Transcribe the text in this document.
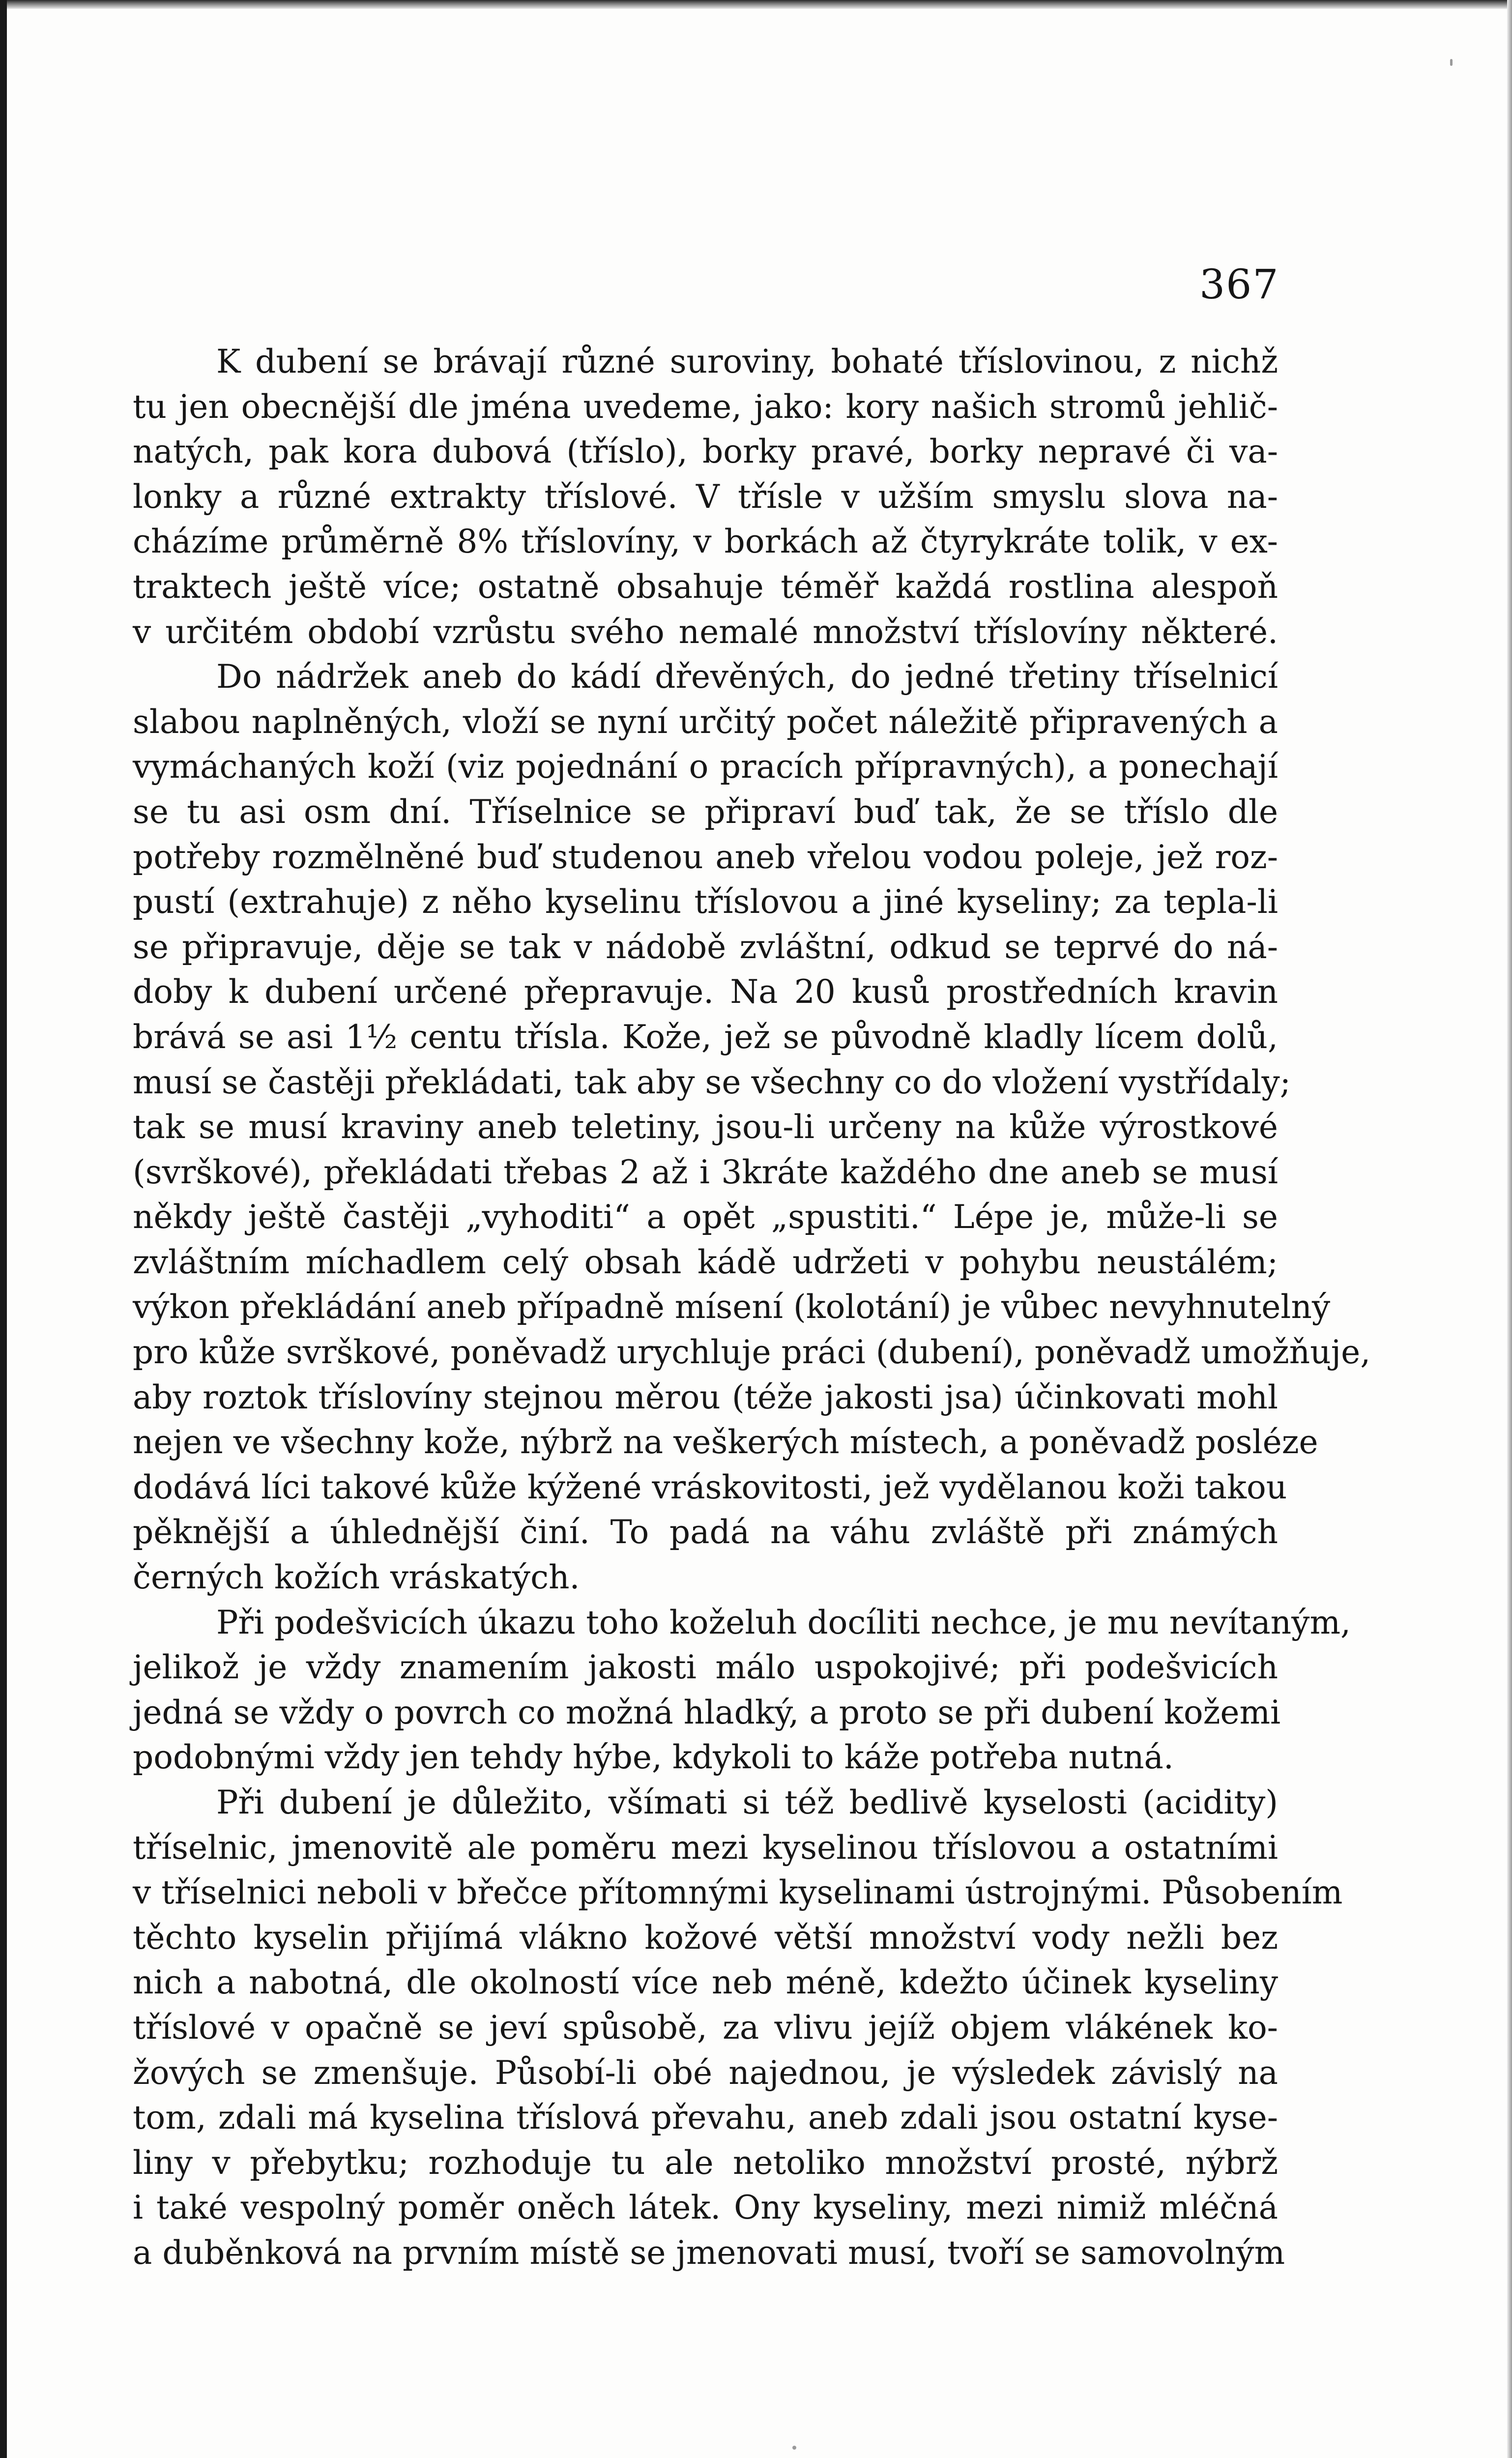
367
K dubení se brávají různé suroviny, bohaté tříslovinou, z nichž
tu jen obecnější dle jména uvedeme, jako: kory našich stromů jehlič-
natých, pak kora dubová (tříslo), borky pravé, borky nepravé či va-
lonky a různé extrakty tříslové. V třísle v užším smyslu slova na-
cházíme průměrně 8% tříslovíny, v borkách až čtyrykráte tolik, v ex-
traktech ještě více; ostatně obsahuje téměř každá rostlina alespoň
v určitém období vzrůstu svého nemalé množství tříslovíny některé.
Do nádržek aneb do kádí dřevěných, do jedné třetiny tříselnicí
slabou naplněných, vloží se nyní určitý počet náležitě připravených a
vymáchaných koží (viz pojednání o pracích přípravných), a ponechají
se tu asi osm dní. Tříselnice se připraví buď tak, že se tříslo dle
potřeby rozmělněné buď studenou aneb vřelou vodou poleje, jež roz-
pustí (extrahuje) z něho kyselinu tříslovou a jiné kyseliny; za tepla-li
se připravuje, děje se tak v nádobě zvláštní, odkud se teprvé do ná-
doby k dubení určené přepravuje. Na 20 kusů prostředních kravin
brává se asi 1½ centu třísla. Kože, jež se původně kladly lícem dolů,
musí se častěji překládati, tak aby se všechny co do vložení vystřídaly;
tak se musí kraviny aneb teletiny, jsou-li určeny na kůže výrostkové
(svrškové), překládati třebas 2 až i 3kráte každého dne aneb se musí
někdy ještě častěji „vyhoditi“ a opět „spustiti.“ Lépe je, může-li se
zvláštním míchadlem celý obsah kádě udržeti v pohybu neustálém;
výkon překládání aneb případně mísení (kolotání) je vůbec nevyhnutelný
pro kůže svrškové, poněvadž urychluje práci (dubení), poněvadž umožňuje,
aby roztok tříslovíny stejnou měrou (téže jakosti jsa) účinkovati mohl
nejen ve všechny kože, nýbrž na veškerých místech, a poněvadž posléze
dodává líci takové kůže kýžené vráskovitosti, jež vydělanou koži takou
pěknější a úhlednější činí. To padá na váhu zvláště při známých
černých kožích vráskatých.
Při podešvicích úkazu toho koželuh docíliti nechce, je mu nevítaným,
jelikož je vždy znamením jakosti málo uspokojivé; při podešvicích
jedná se vždy o povrch co možná hladký, a proto se při dubení kožemi
podobnými vždy jen tehdy hýbe, kdykoli to káže potřeba nutná.
Při dubení je důležito, všímati si též bedlivě kyselosti (acidity)
tříselnic, jmenovitě ale poměru mezi kyselinou tříslovou a ostatními
v tříselnici neboli v břečce přítomnými kyselinami ústrojnými. Působením
těchto kyselin přijímá vlákno kožové větší množství vody nežli bez
nich a nabotná, dle okolností více neb méně, kdežto účinek kyseliny
tříslové v opačně se jeví spůsobě, za vlivu jejíž objem vlákének ko-
žových se zmenšuje. Působí-li obé najednou, je výsledek závislý na
tom, zdali má kyselina tříslová převahu, aneb zdali jsou ostatní kyse-
liny v přebytku; rozhoduje tu ale netoliko množství prosté, nýbrž
i také vespolný poměr oněch látek. Ony kyseliny, mezi nimiž mléčná
a duběnková na prvním místě se jmenovati musí, tvoří se samovolným
